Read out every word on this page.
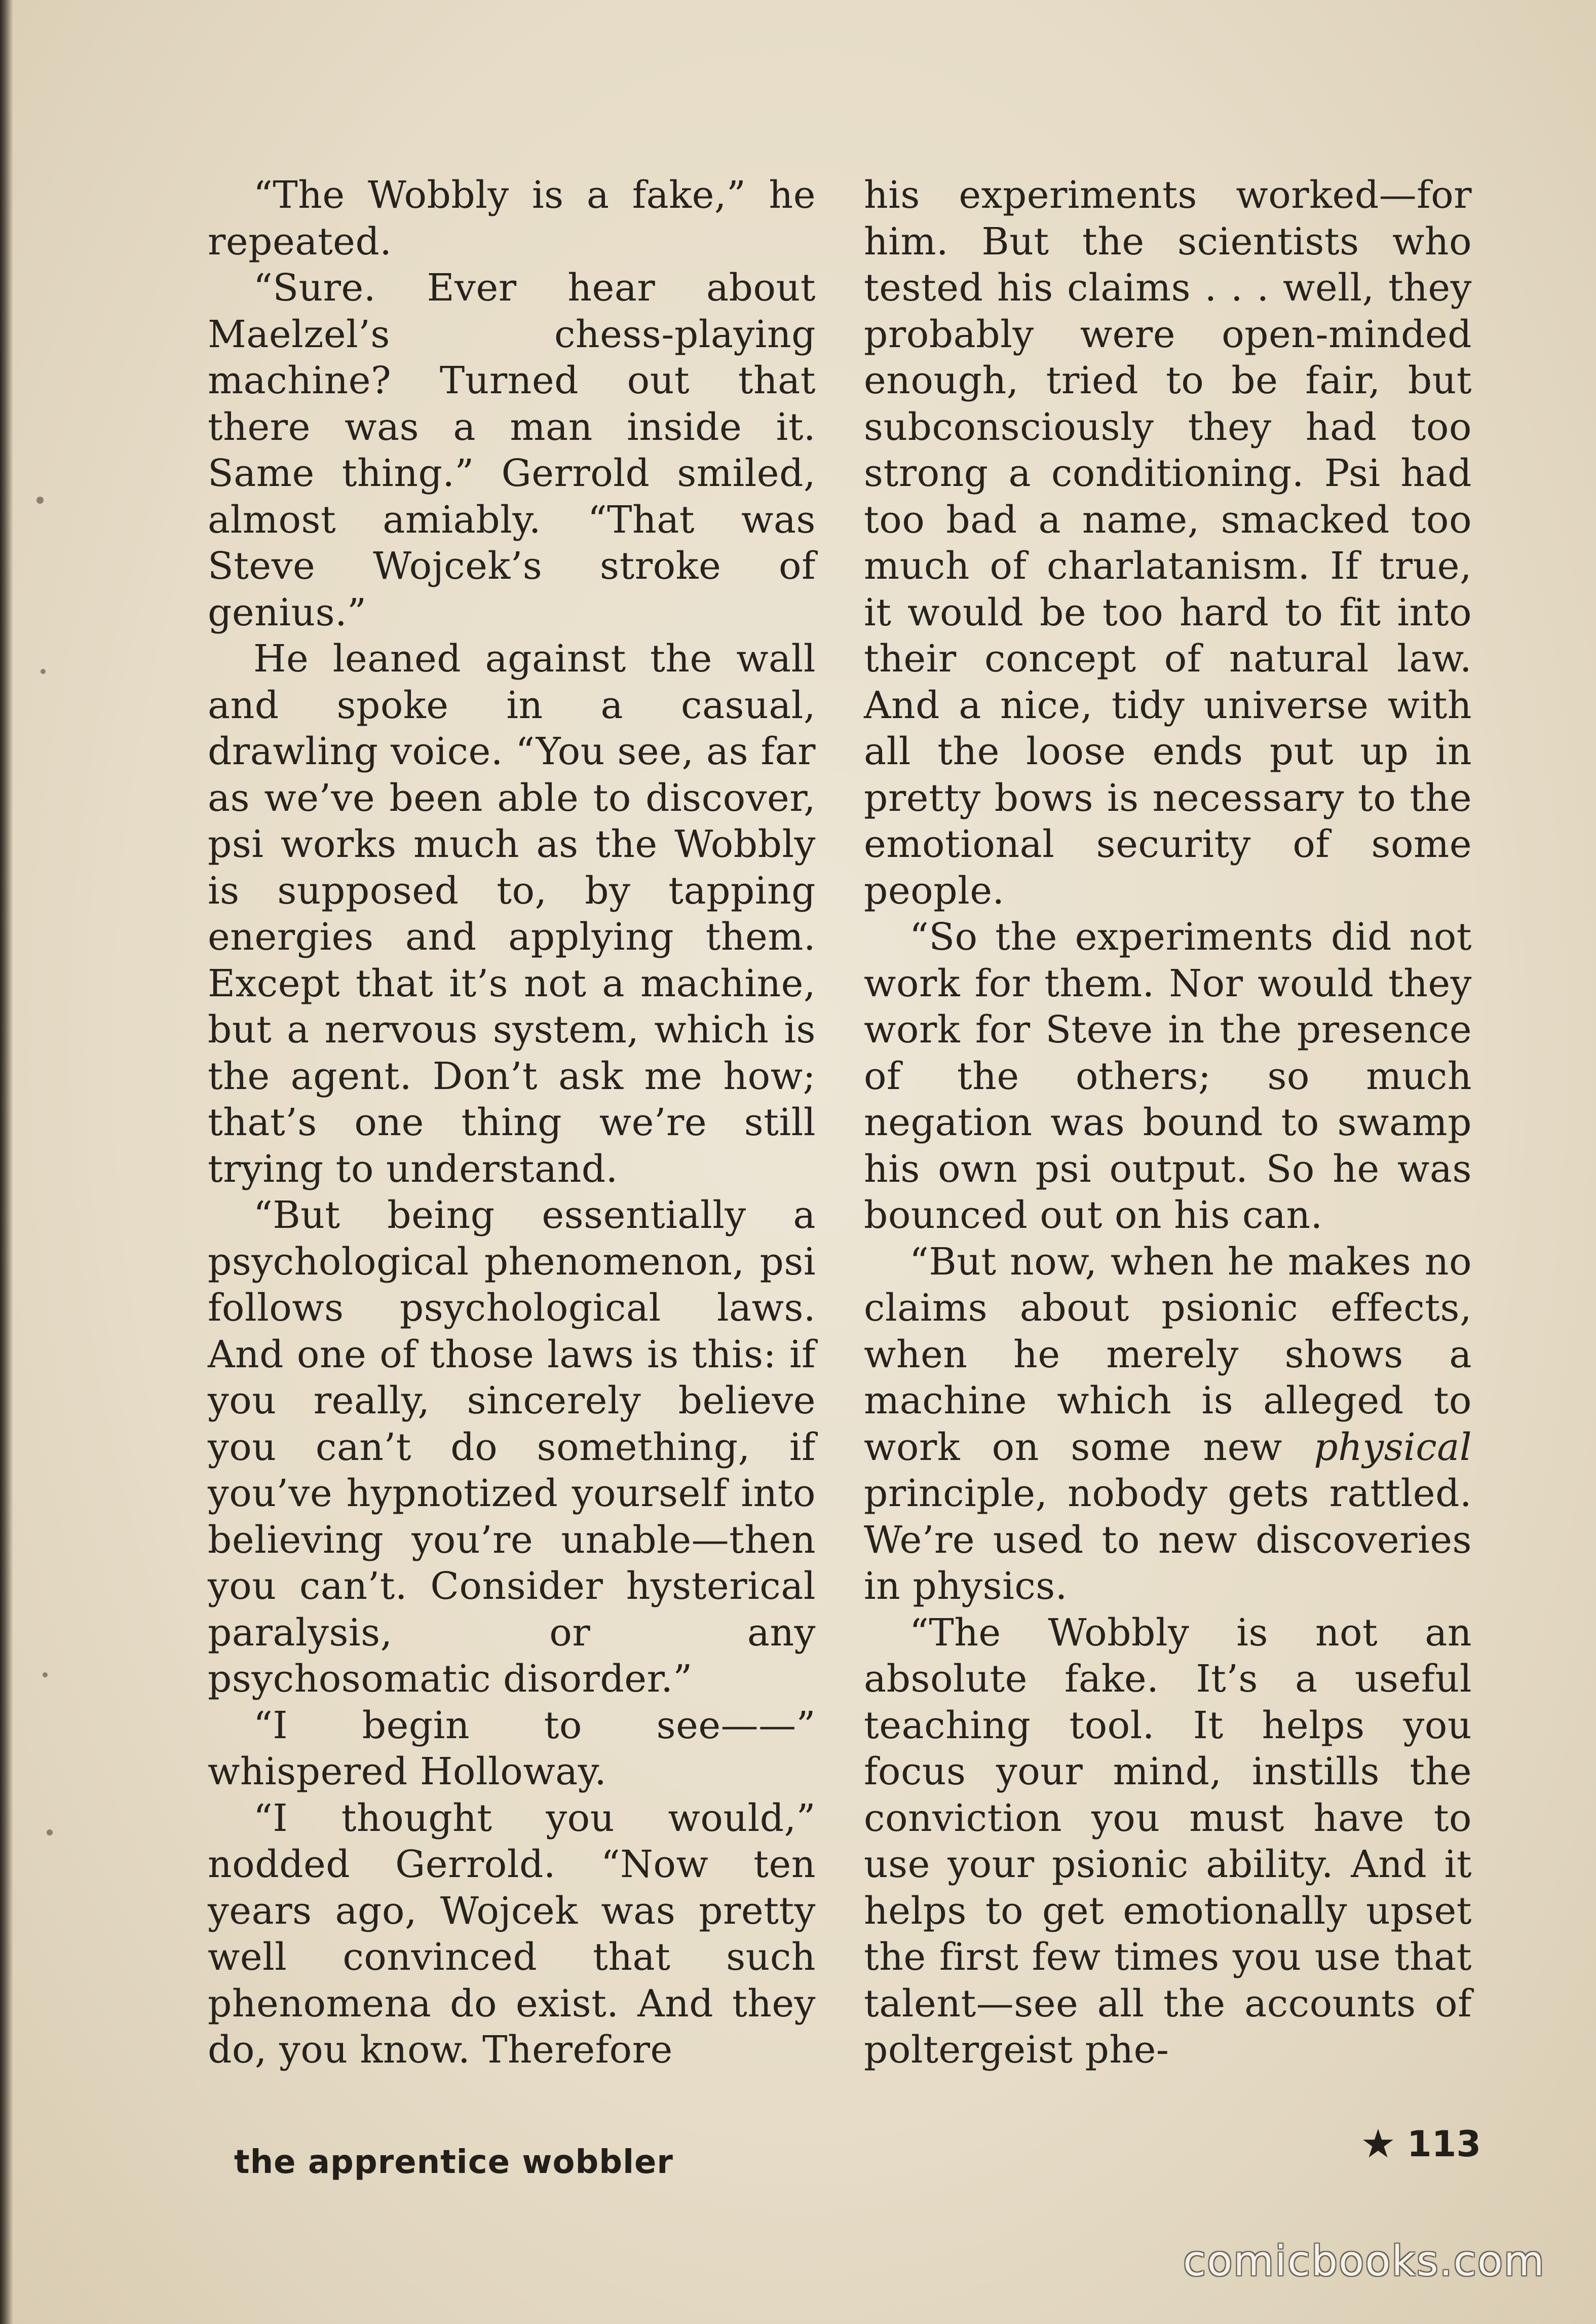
“The Wobbly is a fake,” he repeated.

“Sure. Ever hear about Maelzel’s chess-playing machine? Turned out that there was a man inside it. Same thing.” Gerrold smiled, almost amiably. “That was Steve Wojcek’s stroke of genius.”

He leaned against the wall and spoke in a casual, drawling voice. “You see, as far as we’ve been able to discover, psi works much as the Wobbly is supposed to, by tapping energies and applying them. Except that it’s not a machine, but a nervous system, which is the agent. Don’t ask me how; that’s one thing we’re still trying to understand.

“But being essentially a psychological phenomenon, psi follows psychological laws. And one of those laws is this: if you really, sincerely believe you can’t do something, if you’ve hypnotized yourself into believing you’re unable—then you can’t. Consider hysterical paralysis, or any psychosomatic disorder.”

“I begin to see——” whispered Holloway.

“I thought you would,” nodded Gerrold. “Now ten years ago, Wojcek was pretty well convinced that such phenomena do exist. And they do, you know. Therefore

his experiments worked—for him. But the scientists who tested his claims . . . well, they probably were open-minded enough, tried to be fair, but subconsciously they had too strong a conditioning. Psi had too bad a name, smacked too much of charlatanism. If true, it would be too hard to fit into their concept of natural law. And a nice, tidy universe with all the loose ends put up in pretty bows is necessary to the emotional security of some people.

“So the experiments did not work for them. Nor would they work for Steve in the presence of the others; so much negation was bound to swamp his own psi output. So he was bounced out on his can.

“But now, when he makes no claims about psionic effects, when he merely shows a machine which is alleged to work on some new physical principle, nobody gets rattled. We’re used to new discoveries in physics.

“The Wobbly is not an absolute fake. It’s a useful teaching tool. It helps you focus your mind, instills the conviction you must have to use your psionic ability. And it helps to get emotionally upset the first few times you use that talent—see all the accounts of poltergeist phe-

the apprentice wobbler	★ 113
comicbooks.com
